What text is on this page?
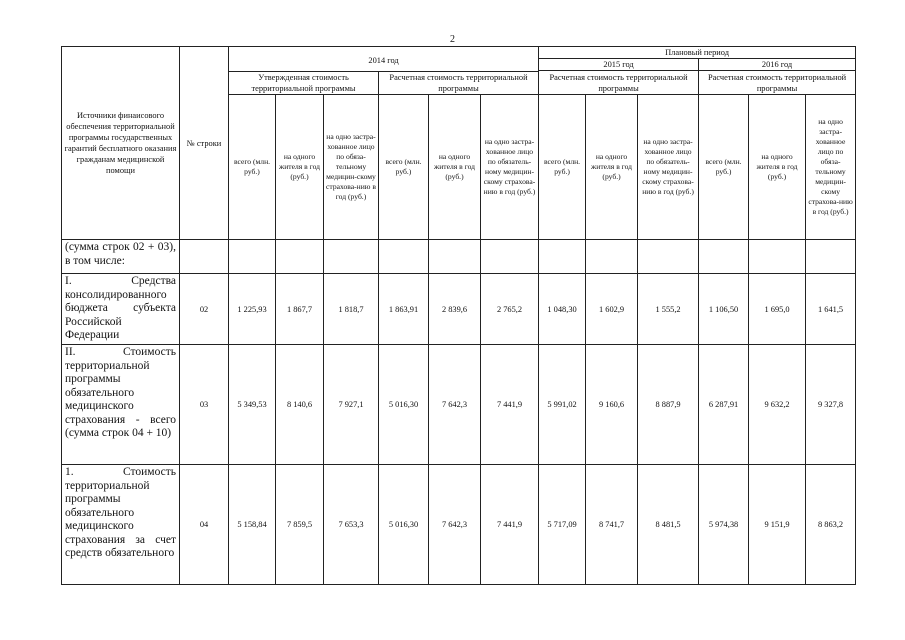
2
Источники финаисового обеспечения территориальной программы государственных гарантий бесплатного оказания гражданам медицинской помощи	№ строки	2014 год						Плановый период					
								2015 год			2016 год		
								Расчетная стоимость территориальной программы			Расчетная стоимость территориальной программы		
		Утвержденная стоимость территориальной программы			Расчетная стоимость территориальной программы								
		всего (млн. руб.)	на одного жителя в год (руб.)	на одно застра-хованное лицо по обяза-тельному медицин-скому страхова-нию в год (руб.)	всего (млн. руб.)	на одного жителя в год (руб.)	на одно застра-хованное лицо по обязатель-ному медицин-скому страхова-нию в год (руб.)	всего (млн. руб.)	на одного жителя в год (руб.)	на одно застра-хованное лицо по обязатель-ному медицин-скому страхова-нию в год (руб.)	всего (млн. руб.)	на одного жителя в год (руб.)	на одно застра-хованное лицо по обяза-тельному медицин-скому страхова-нию в год (руб.)
(сумма строк 02 + 03), в том числе:													
I. Средства консолидированного бюджета субъекта Российской Федерации	02	1 225,93	1 867,7	1 818,7	1 863,91	2 839,6	2 765,2	1 048,30	1 602,9	1 555,2	1 106,50	1 695,0	1 641,5
II. Стоимость территориальной программы обязательного медицинского страхования - всего (сумма строк 04 + 10)	03	5 349,53	8 140,6	7 927,1	5 016,30	7 642,3	7 441,9	5 991,02	9 160,6	8 887,9	6 287,91	9 632,2	9 327,8
1. Стоимость территориальной программы обязательного медицинского страхования за счет средств обязательного	04	5 158,84	7 859,5	7 653,3	5 016,30	7 642,3	7 441,9	5 717,09	8 741,7	8 481,5	5 974,38	9 151,9	8 863,2
